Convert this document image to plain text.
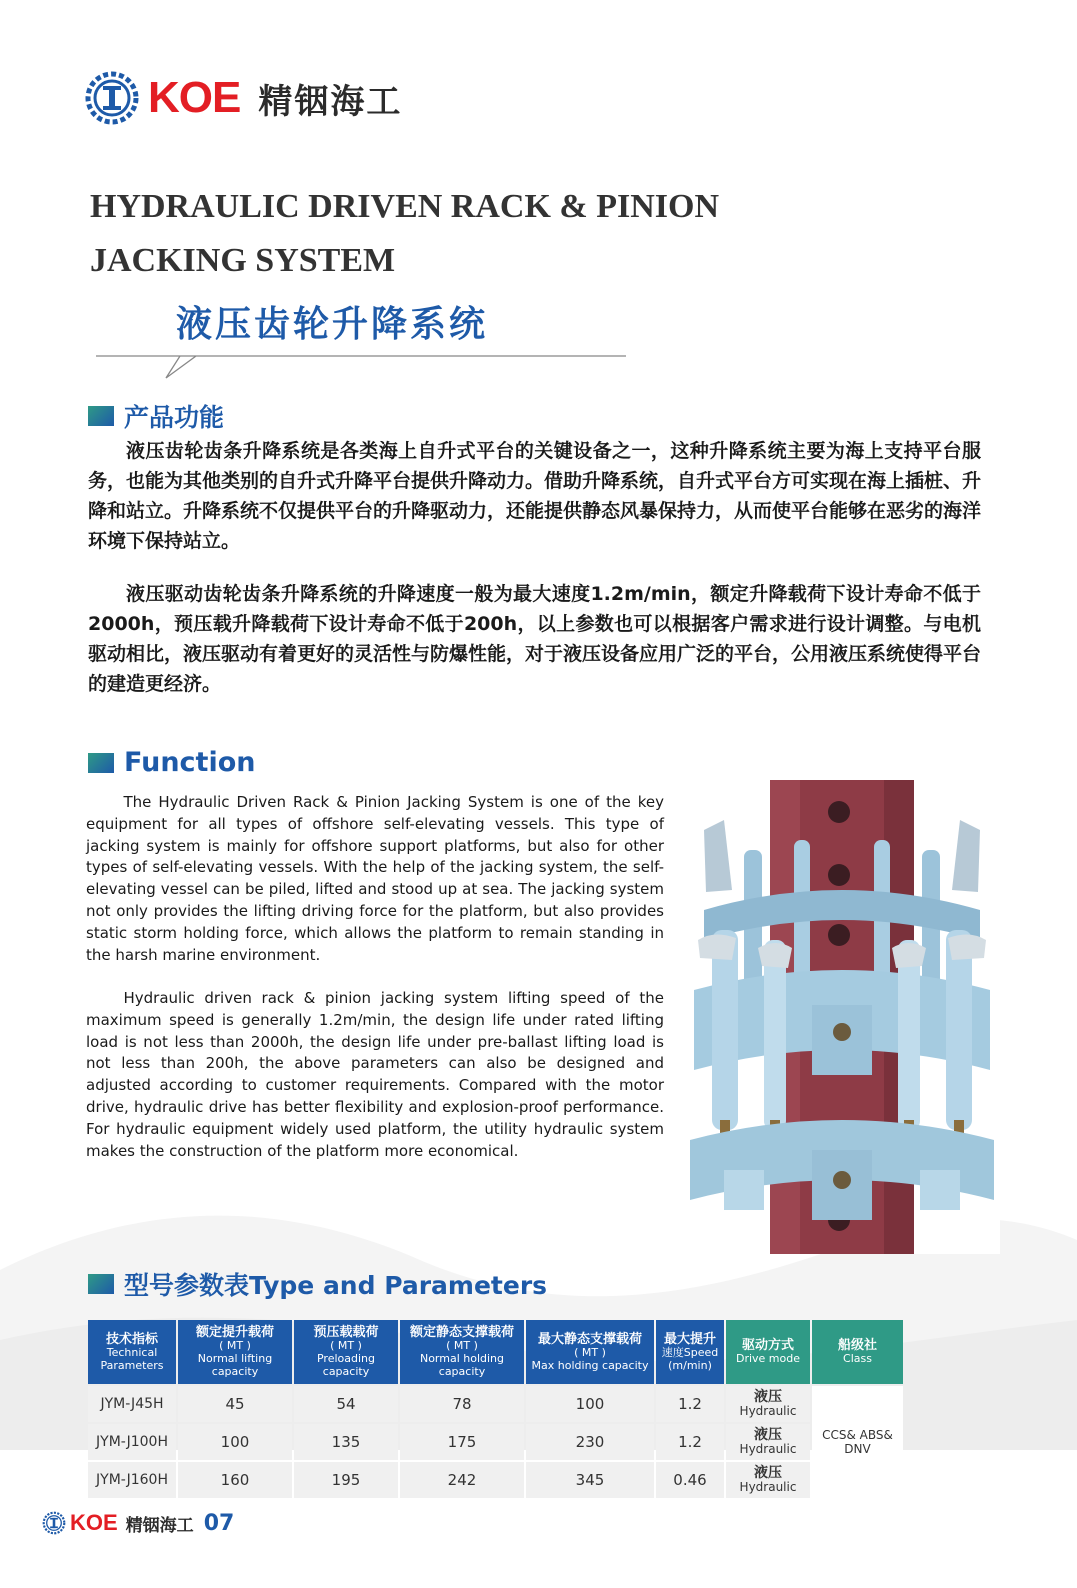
KOE 精铟海工
HYDRAULIC DRIVEN RACK & PINION JACKING SYSTEM
液压齿轮升降系统
产品功能

液压齿轮齿条升降系统是各类海上自升式平台的关键设备之一，这种升降系统主要为海上支持平台服务，也能为其他类别的自升式升降平台提供升降动力。借助升降系统，自升式平台方可实现在海上插桩、升降和站立。升降系统不仅提供平台的升降驱动力，还能提供静态风暴保持力，从而使平台能够在恶劣的海洋环境下保持站立。

液压驱动齿轮齿条升降系统的升降速度一般为最大速度1.2m/min，额定升降载荷下设计寿命不低于2000h，预压载升降载荷下设计寿命不低于200h，以上参数也可以根据客户需求进行设计调整。与电机驱动相比，液压驱动有着更好的灵活性与防爆性能，对于液压设备应用广泛的平台，公用液压系统使得平台的建造更经济。

Function

The Hydraulic Driven Rack & Pinion Jacking System is one of the key equipment for all types of offshore self-elevating vessels. This type of jacking system is mainly for offshore support platforms, but also for other types of self-elevating vessels. With the help of the jacking system, the self-elevating vessel can be piled, lifted and stood up at sea. The jacking system not only provides the lifting driving force for the platform, but also provides static storm holding force, which allows the platform to remain standing in the harsh marine environment.

Hydraulic driven rack & pinion jacking system lifting speed of the maximum speed is generally 1.2m/min, the design life under rated lifting load is not less than 2000h, the design life under pre-ballast lifting load is not less than 200h, the above parameters can also be designed and adjusted according to customer requirements. Compared with the motor drive, hydraulic drive has better flexibility and explosion-proof performance. For hydraulic equipment widely used platform, the utility hydraulic system makes the construction of the platform more economical.

型号参数表Type and Parameters
技术指标
Technical Parameters	额定提升载荷
( MT )
Normal lifting capacity	预压载载荷
( MT )
Preloading capacity	额定静态支撑载荷
( MT )
Normal holding capacity	最大静态支撑载荷
( MT )
Max holding capacity	最大提升
速度Speed
(m/min)	驱动方式
Drive mode	船级社
Class
JYM-J45H	45	54	78	100	1.2	液压
Hydraulic	CCS& ABS& DNV
JYM-J100H	100	135	175	230	1.2	液压
Hydraulic	
JYM-J160H	160	195	242	345	0.46	液压
Hydraulic	
KOE 精铟海工 07
